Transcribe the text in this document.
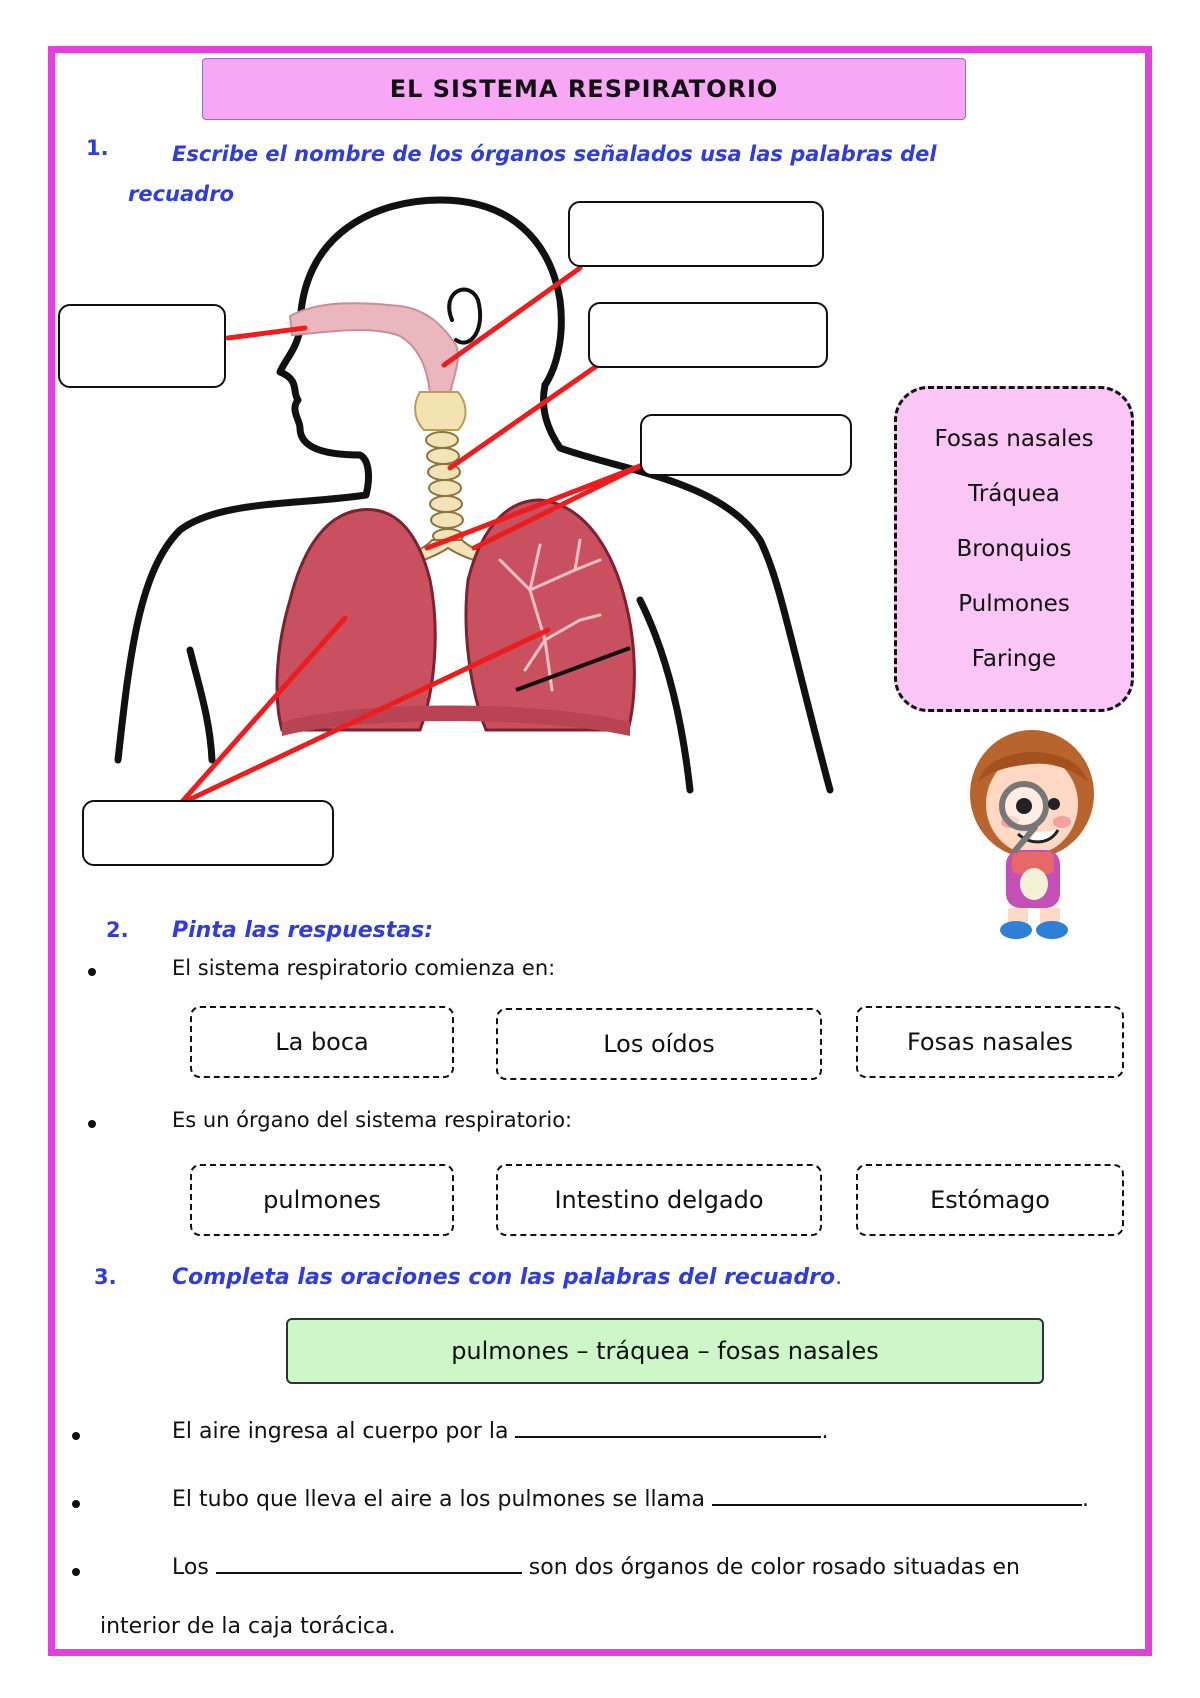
EL SISTEMA RESPIRATORIO
1.	Escribe el nombre de los órganos señalados usa las palabras del recuadro
Fosas nasales
Tráquea
Bronquios
Pulmones
Faringe
2. Pinta las respuestas:
El sistema respiratorio comienza en:
La boca	Los oídos	Fosas nasales
Es un órgano del sistema respiratorio:
pulmones	Intestino delgado	Estómago
3.	Completa las oraciones con las palabras del recuadro.
pulmones – tráquea – fosas nasales
El aire ingresa al cuerpo por la	.
El tubo que lleva el aire a los pulmones se llama	.
Los	son dos órganos de color rosado situadas en
interior de la caja torácica.
